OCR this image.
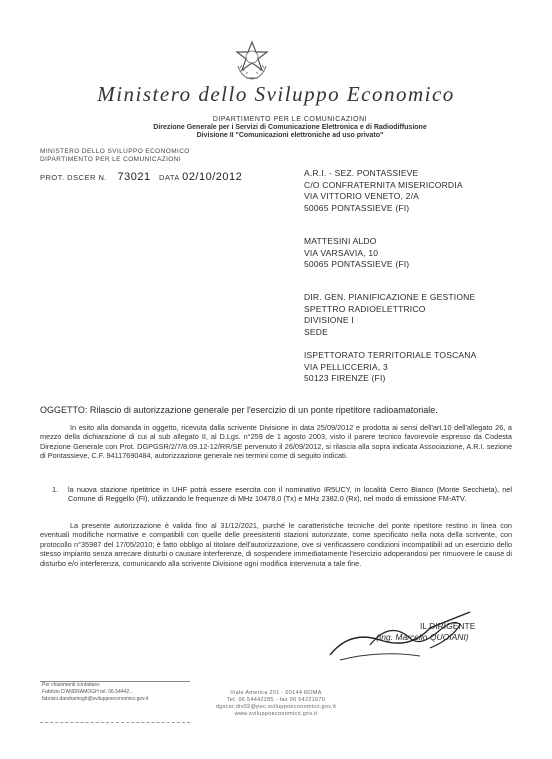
Ministero dello Sviluppo Economico
DIPARTIMENTO PER LE COMUNICAZIONI
Direzione Generale per i Servizi di Comunicazione Elettronica e di Radiodiffusione
Divisione II "Comunicazioni elettroniche ad uso privato"
MINISTERO DELLO SVILUPPO ECONOMICO
DIPARTIMENTO PER LE COMUNICAZIONI
PROT. DSCER N. 73021 DATA 02/10/2012	A.R.I. - SEZ. PONTASSIEVE
C/O CONFRATERNITA MISERICORDIA
VIA VITTORIO VENETO, 2/A
50065 PONTASSIEVE (FI)
MATTESINI ALDO
VIA VARSAVIA, 10
50065 PONTASSIEVE (FI)
DIR. GEN. PIANIFICAZIONE E GESTIONE
SPETTRO RADIOELETTRICO
DIVISIONE I
SEDE
ISPETTORATO TERRITORIALE TOSCANA
VIA PELLICCERIA, 3
50123 FIRENZE (FI)
OGGETTO: Rilascio di autorizzazione generale per l'esercizio di un ponte ripetitore radioamatoriale.
In esito alla domanda in oggetto, ricevuta dalla scrivente Divisione in data 25/09/2012 e prodotta ai sensi dell'art.10 dell'allegato 26, a mezzo della dichiarazione di cui al sub allegato II, al D.Lgs. n°259 de 1 agosto 2003, visto il parere tecnico favorevole espresso da Codesta Direzione Generale con Prot. DGPGSR/2/7/8.09.12-12/RR/SE pervenuto il 26/09/2012, si rilascia alla sopra indicata Associazione, A.R.I. sezione di Pontassieve, C.F. 94117690484, autorizzazione generale nei termini come di seguito indicati.
1. la nuova stazione ripetitrice in UHF potrà essere esercita con il nominativo IR5UCY, in località Cerro Bianco (Monte Secchieta), nel Comune di Reggello (FI), utilizzando le frequenze di MHz 10478.0 (Tx) e MHz 2382.0 (Rx), nel modo di emissione FM-ATV.
La presente autorizzazione è valida fino al 31/12/2021, purché le caratteristiche tecniche del ponte ripetitore restino in linea con eventuali modifiche normative e compatibili con quelle delle preesistenti stazioni autorizzate, come specificato nella nota della scrivente, con protocollo n°35987 del 17/05/2010; è fatto obbligo al titolare dell'autorizzazione, ove si verificassero condizioni incompatibili ad un esercizio dello stesso impianto senza arrecare disturbi o causare interferenze, di sospendere immediatamente l'esercizio adoperandosi per rimuovere le cause di disturbo e/o interferenza, comunicando alla scrivente Divisione ogni modifica intervenuta a tale fine.
IL DIRIGENTE
(Ing. Marcello QUOIANI)
Per chiarimenti contattare:
Fabrizio D'ANDRAMOGH tel. 06.54442...
fabrizio.dandramogh@sviluppoeconomico.gov.it
Viale America 201 - 00144 ROMA
Tel. 06 54442285 - fax 06 54221670
dgscer.div02@pec.sviluppoeconomico.gov.it
www.sviluppoeconomico.gov.it
